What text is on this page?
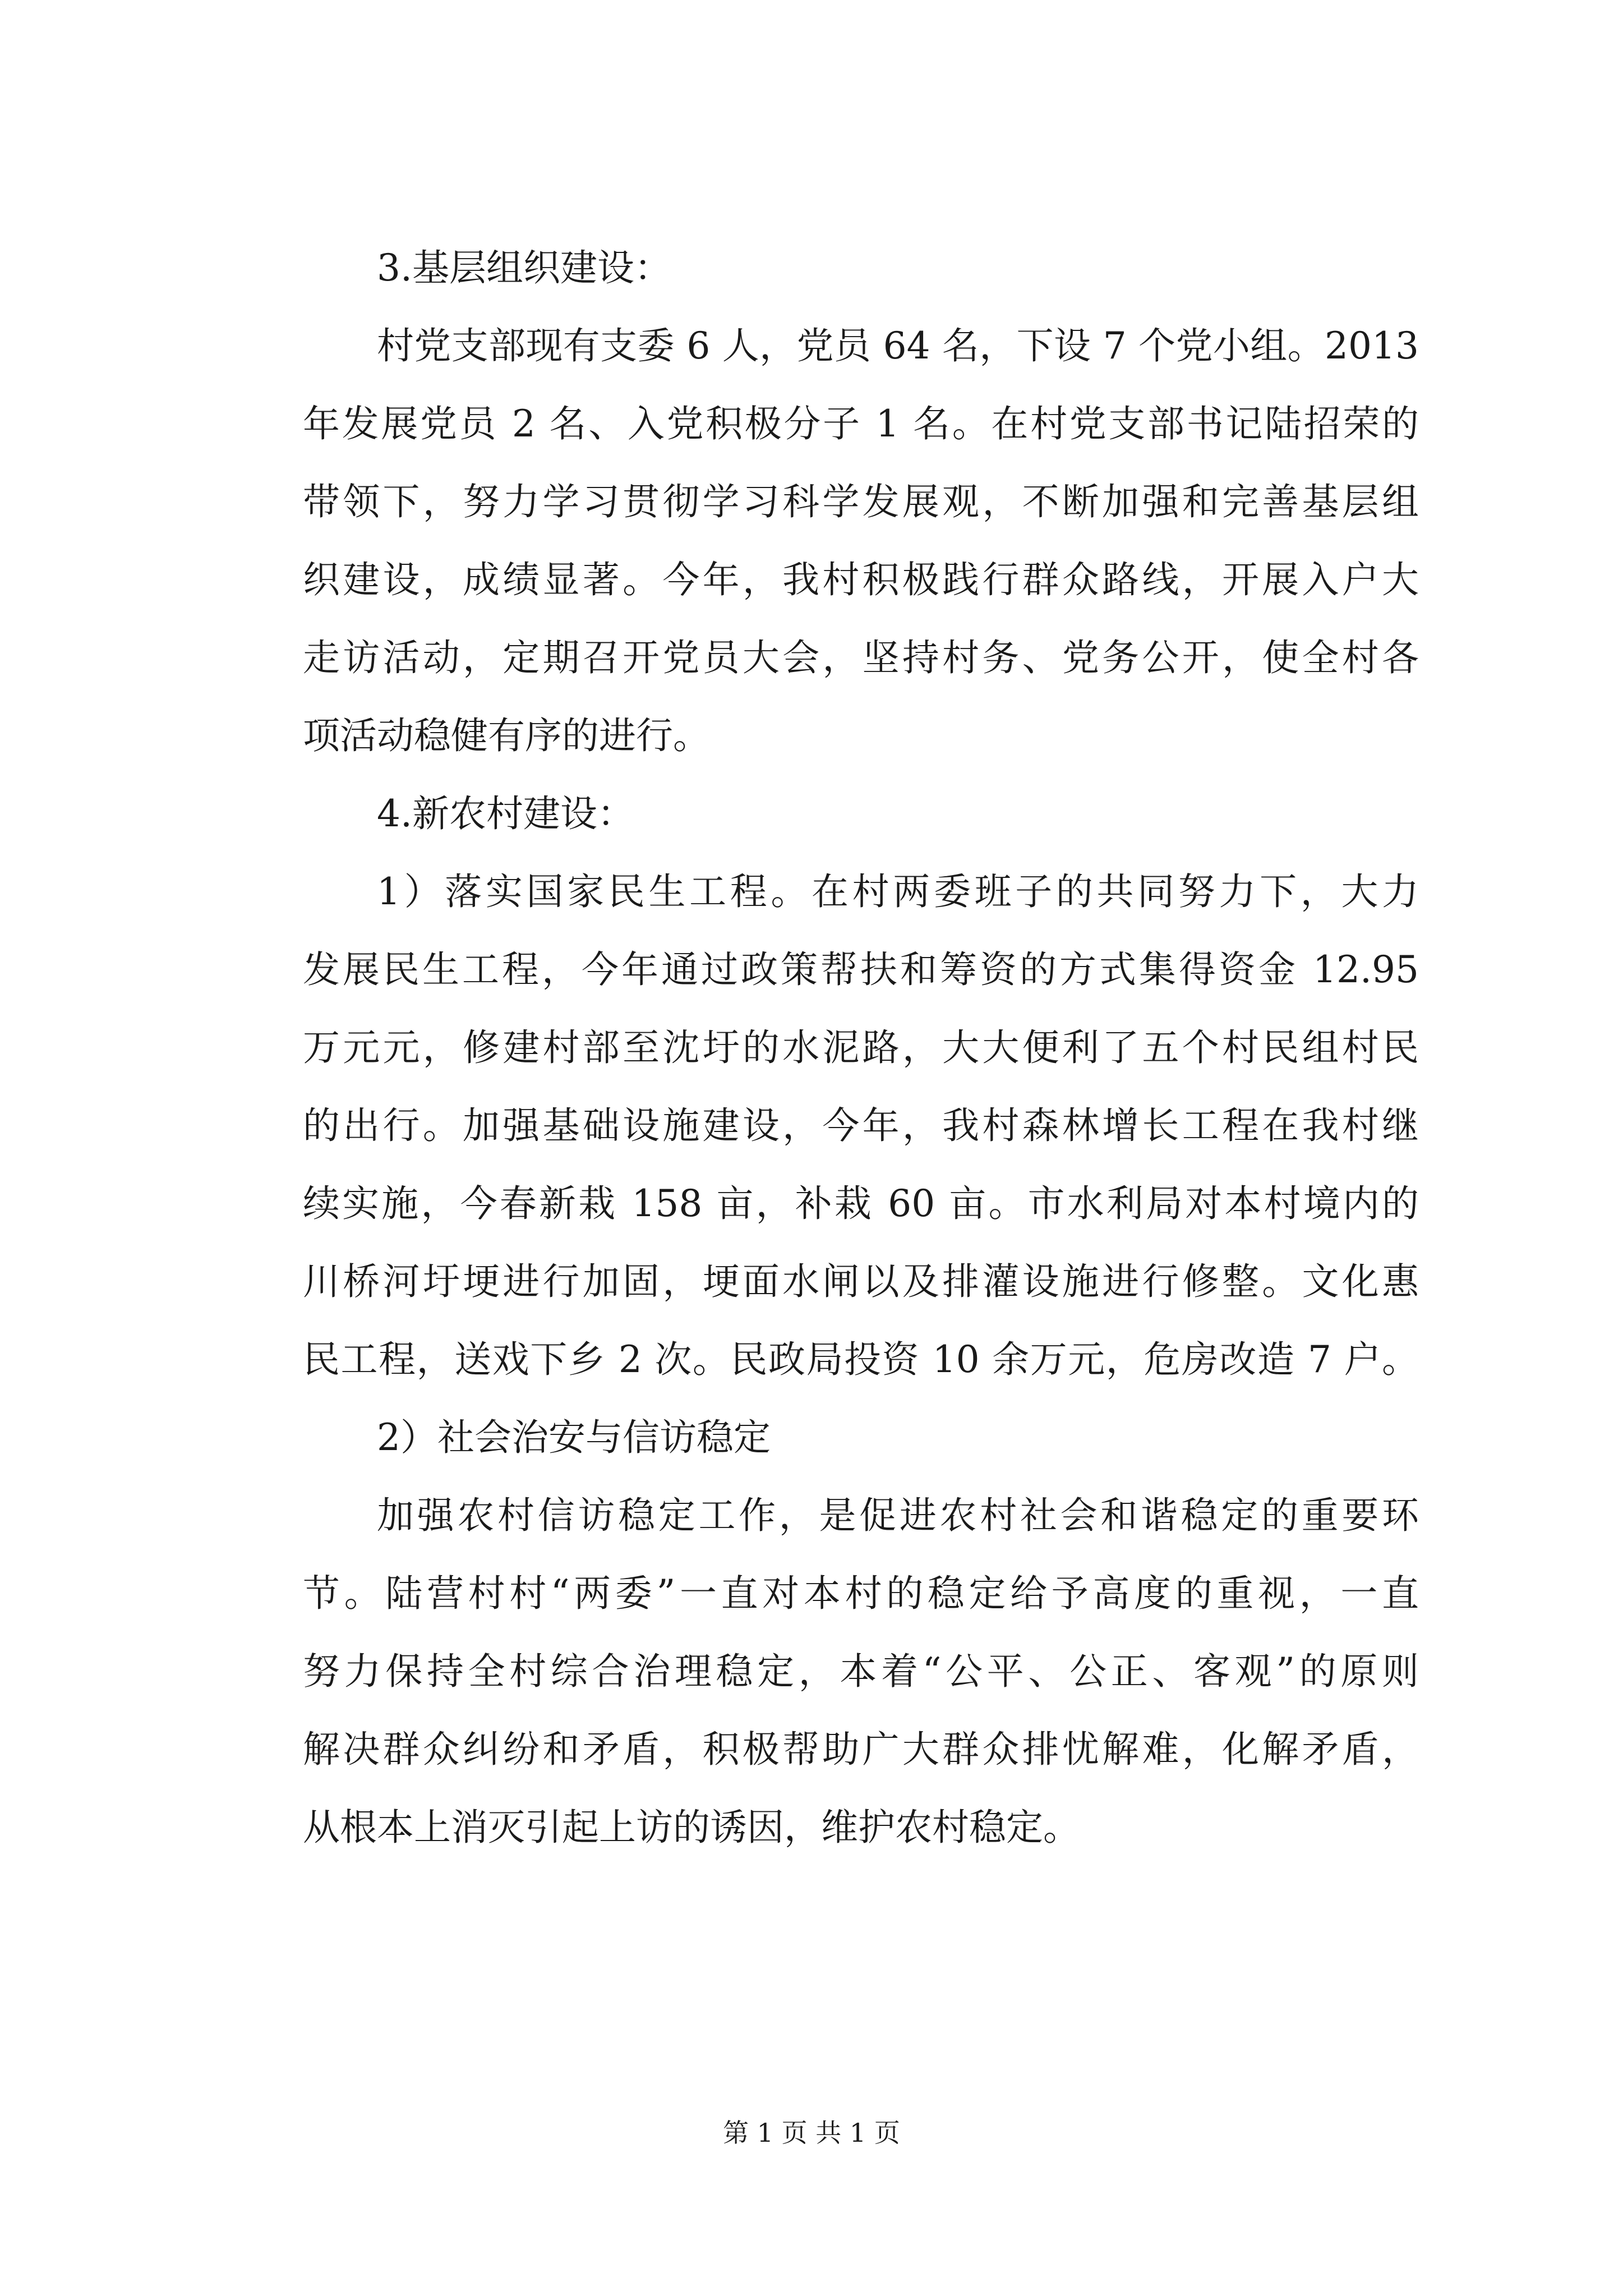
3.基层组织建设：
村党支部现有支委 6 人，党员 64 名，下设 7 个党小组。2013
年发展党员 2 名、入党积极分子 1 名。在村党支部书记陆招荣的
带领下，努力学习贯彻学习科学发展观，不断加强和完善基层组
织建设，成绩显著。今年，我村积极践行群众路线，开展入户大
走访活动，定期召开党员大会，坚持村务、党务公开，使全村各
项活动稳健有序的进行。
4.新农村建设：
1）落实国家民生工程。在村两委班子的共同努力下，大力
发展民生工程，今年通过政策帮扶和筹资的方式集得资金 12.95
万元元，修建村部至沈圩的水泥路，大大便利了五个村民组村民
的出行。加强基础设施建设，今年，我村森林增长工程在我村继
续实施，今春新栽 158 亩，补栽 60 亩。市水利局对本村境内的
川桥河圩埂进行加固，埂面水闸以及排灌设施进行修整。文化惠
民工程，送戏下乡 2 次。民政局投资 10 余万元，危房改造 7 户。
2）社会治安与信访稳定
加强农村信访稳定工作，是促进农村社会和谐稳定的重要环
节。陆营村村“两委”一直对本村的稳定给予高度的重视，一直
努力保持全村综合治理稳定，本着“公平、公正、客观”的原则
解决群众纠纷和矛盾，积极帮助广大群众排忧解难，化解矛盾，
从根本上消灭引起上访的诱因，维护农村稳定。
第 1 页 共 1 页
